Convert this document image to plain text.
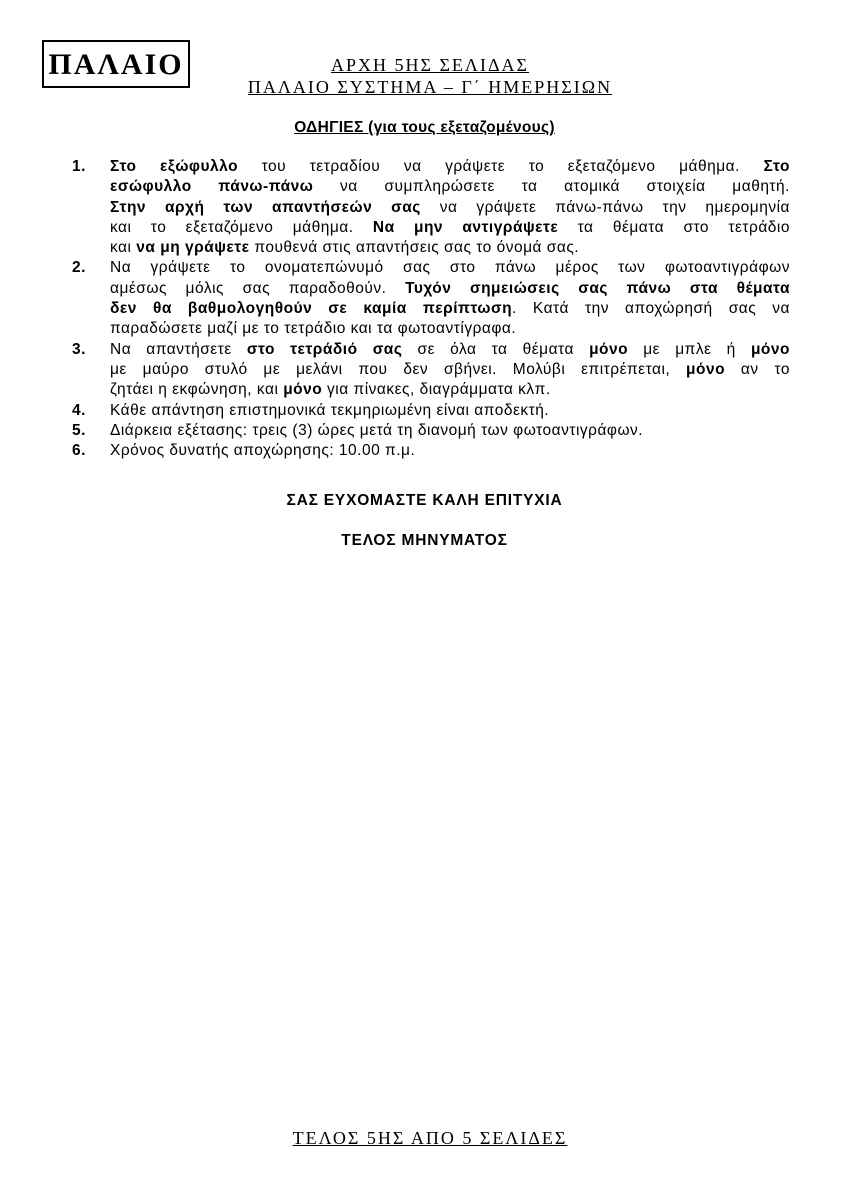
ΠΑΛΑΙΟ	ΑΡΧΗ 5ΗΣ ΣΕΛΙΔΑΣ
ΠΑΛΑΙΟ ΣΥΣΤΗΜΑ – Γ΄ ΗΜΕΡΗΣΙΩΝ
ΟΔΗΓΙΕΣ (για τους εξεταζομένους)
1.	Στο εξώφυλλο του τετραδίου να γράψετε το εξεταζόμενο μάθημα. Στο
εσώφυλλο πάνω-πάνω να συμπληρώσετε τα ατομικά στοιχεία μαθητή.
Στην αρχή των απαντήσεών σας να γράψετε πάνω-πάνω την ημερομηνία
και το εξεταζόμενο μάθημα. Να μην αντιγράψετε τα θέματα στο τετράδιο
και να μη γράψετε πουθενά στις απαντήσεις σας το όνομά σας.
2.	Να γράψετε το ονοματεπώνυμό σας στο πάνω μέρος των φωτοαντιγράφων
αμέσως μόλις σας παραδοθούν. Τυχόν σημειώσεις σας πάνω στα θέματα
δεν θα βαθμολογηθούν σε καμία περίπτωση. Κατά την αποχώρησή σας να
παραδώσετε μαζί με το τετράδιο και τα φωτοαντίγραφα.
3.	Να απαντήσετε στο τετράδιό σας σε όλα τα θέματα μόνο με μπλε ή μόνο
με μαύρο στυλό με μελάνι που δεν σβήνει. Μολύβι επιτρέπεται, μόνο αν το
ζητάει η εκφώνηση, και μόνο για πίνακες, διαγράμματα κλπ.
4.	Κάθε απάντηση επιστημονικά τεκμηριωμένη είναι αποδεκτή.
5.	Διάρκεια εξέτασης: τρεις (3) ώρες μετά τη διανομή των φωτοαντιγράφων.
6.	Χρόνος δυνατής αποχώρησης: 10.00 π.μ.
ΣΑΣ ΕΥΧΟΜΑΣΤΕ ΚΑΛΗ ΕΠΙΤΥΧΙΑ
ΤΕΛΟΣ ΜΗΝΥΜΑΤΟΣ
ΤΕΛΟΣ 5ΗΣ ΑΠΟ 5 ΣΕΛΙΔΕΣ
